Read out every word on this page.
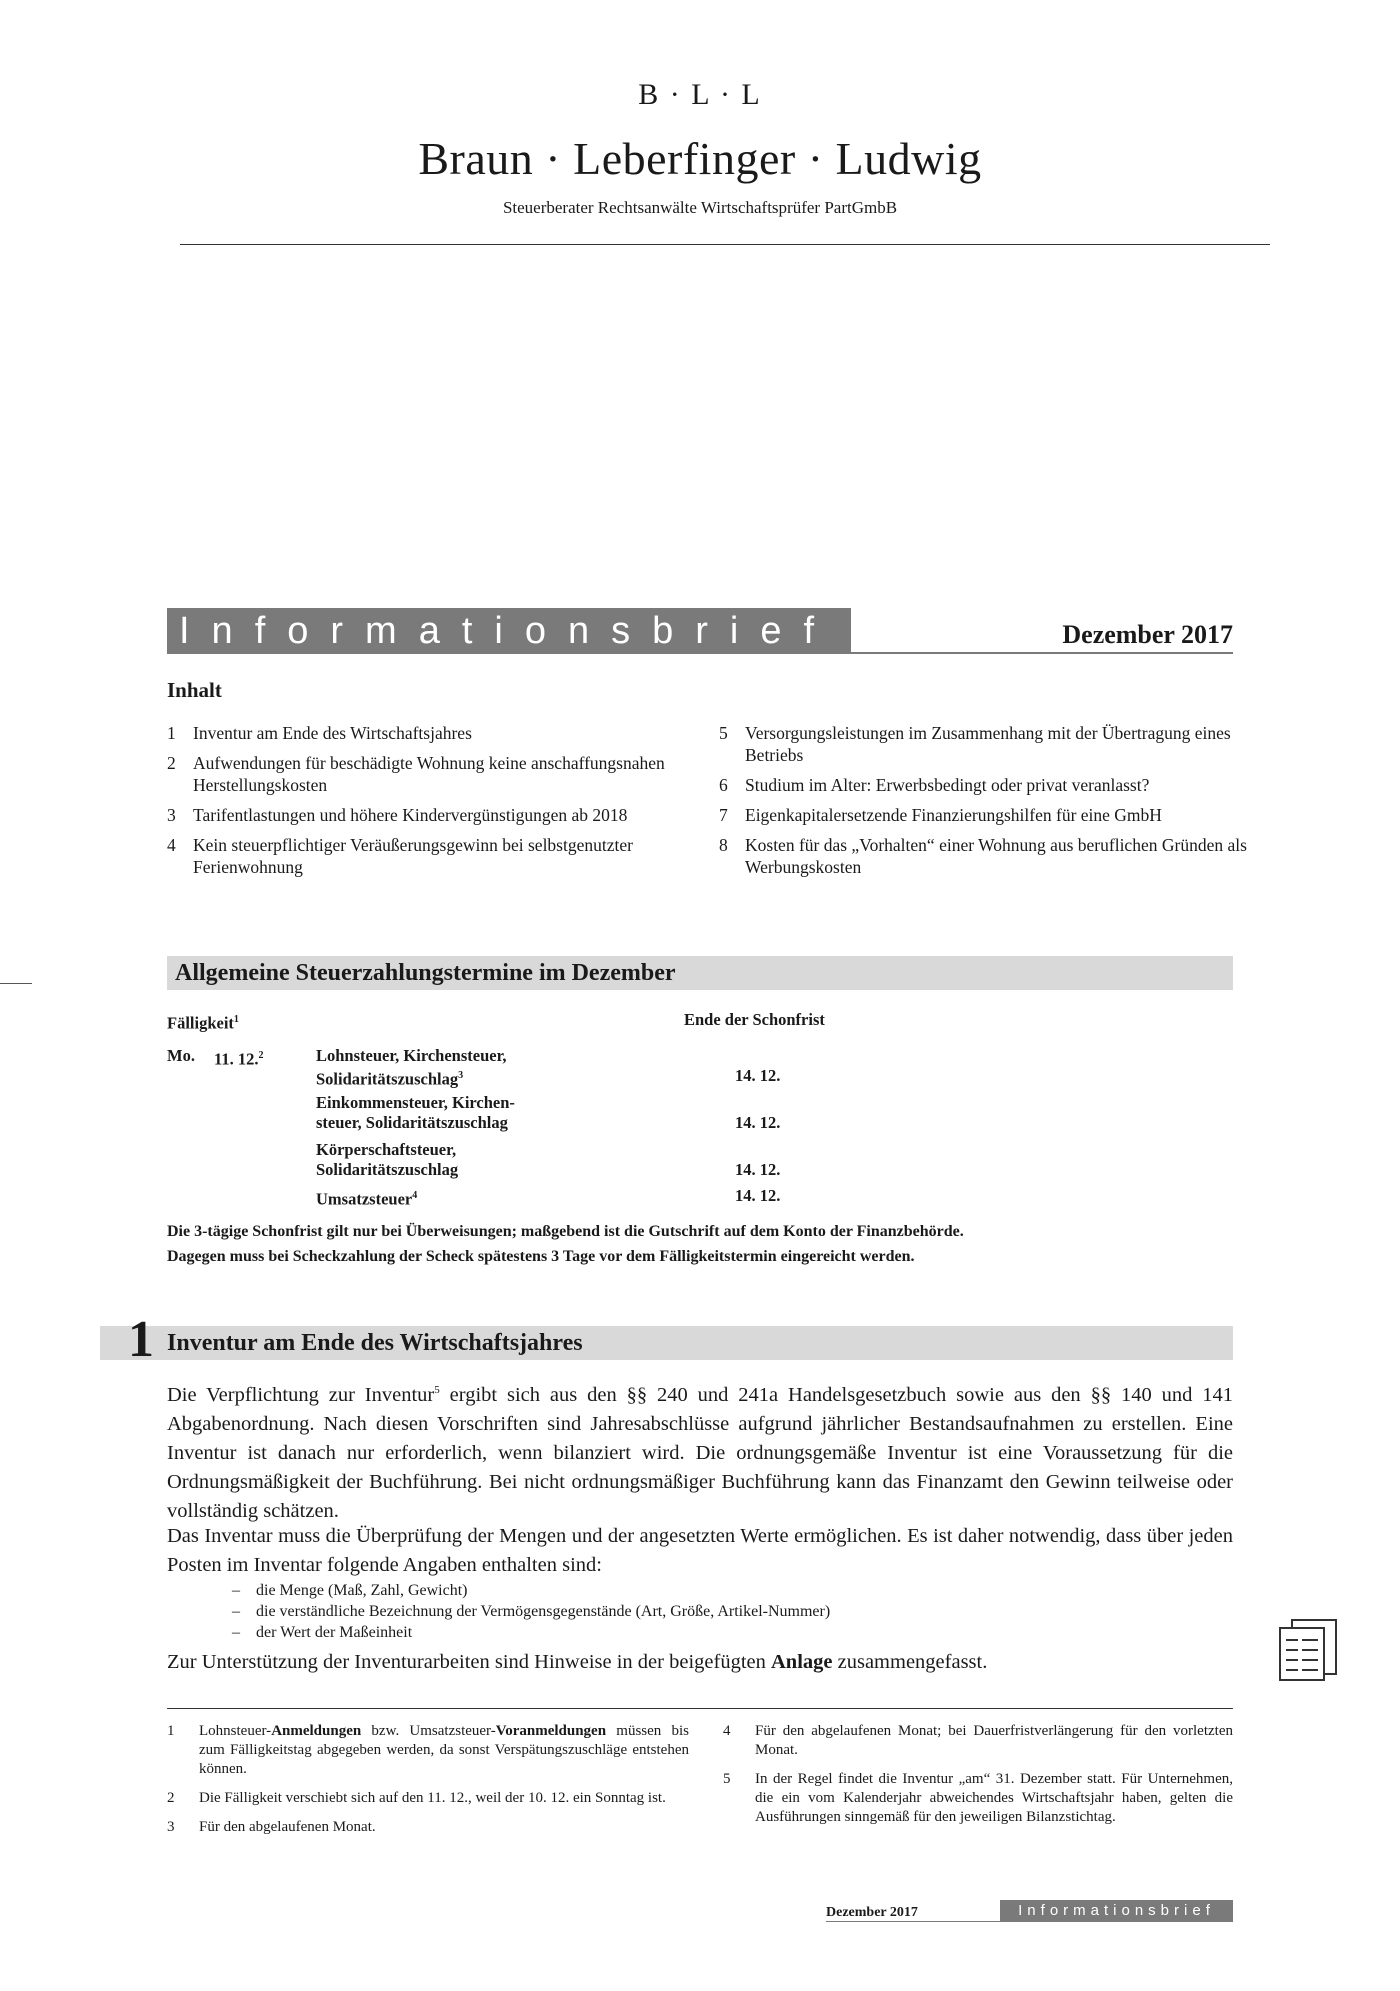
B · L · L
Braun · Leberfinger · Ludwig
Steuerberater Rechtsanwälte Wirtschaftsprüfer PartGmbB
Informationsbrief	Dezember 2017
Inhalt
1 Inventur am Ende des Wirtschaftsjahres
2 Aufwendungen für beschädigte Wohnung keine anschaffungsnahen Herstellungskosten
3 Tarifentlastungen und höhere Kindervergünstigungen ab 2018
4 Kein steuerpflichtiger Veräußerungsgewinn bei selbstgenutzter Ferienwohnung
5 Versorgungsleistungen im Zusammenhang mit der Übertragung eines Betriebs
6 Studium im Alter: Erwerbsbedingt oder privat veranlasst?
7 Eigenkapitalersetzende Finanzierungshilfen für eine GmbH
8 Kosten für das „Vorhalten“ einer Wohnung aus beruflichen Gründen als Werbungskosten
Allgemeine Steuerzahlungstermine im Dezember
Fälligkeit$^1$	Ende der Schonfrist
Mo. 11. 12.$^2$	Lohnsteuer, Kirchensteuer,
Solidaritätszuschlag$^3$	14. 12.
Einkommensteuer, Kirchen-
steuer, Solidaritätszuschlag	14. 12.
Körperschaftsteuer,
Solidaritätszuschlag	14. 12.
Umsatzsteuer$^4$	14. 12.
Die 3-tägige Schonfrist gilt nur bei Überweisungen; maßgebend ist die Gutschrift auf dem Konto der Finanzbehörde.
Dagegen muss bei Scheckzahlung der Scheck spätestens 3 Tage vor dem Fälligkeitstermin eingereicht werden.
1 Inventur am Ende des Wirtschaftsjahres
Die Verpflichtung zur Inventur$^5$ ergibt sich aus den §§ 240 und 241a Handelsgesetzbuch sowie aus den §§ 140 und 141 Abgabenordnung. Nach diesen Vorschriften sind Jahresabschlüsse aufgrund jährlicher Bestandsaufnahmen zu erstellen. Eine Inventur ist danach nur erforderlich, wenn bilanziert wird. Die ordnungsgemäße Inventur ist eine Voraussetzung für die Ordnungsmäßigkeit der Buchführung. Bei nicht ordnungsmäßiger Buchführung kann das Finanzamt den Gewinn teilweise oder vollständig schätzen.
Das Inventar muss die Überprüfung der Mengen und der angesetzten Werte ermöglichen. Es ist daher notwendig, dass über jeden Posten im Inventar folgende Angaben enthalten sind:
–	die Menge (Maß, Zahl, Gewicht)
–	die verständliche Bezeichnung der Vermögensgegenstände (Art, Größe, Artikel-Nummer)
–	der Wert der Maßeinheit
Zur Unterstützung der Inventurarbeiten sind Hinweise in der beigefügten Anlage zusammengefasst.
1	Lohnsteuer-Anmeldungen bzw. Umsatzsteuer-Voranmeldungen müssen bis zum Fälligkeitstag abgegeben werden, da sonst Verspätungszuschläge entstehen können.
2	Die Fälligkeit verschiebt sich auf den 11. 12., weil der 10. 12. ein Sonntag ist.
3	Für den abgelaufenen Monat.
4	Für den abgelaufenen Monat; bei Dauerfristverlängerung für den vorletzten Monat.
5	In der Regel findet die Inventur „am“ 31. Dezember statt. Für Unternehmen, die ein vom Kalenderjahr abweichendes Wirtschaftsjahr haben, gelten die Ausführungen sinngemäß für den jeweiligen Bilanzstichtag.
Dezember 2017	Informationsbrief
